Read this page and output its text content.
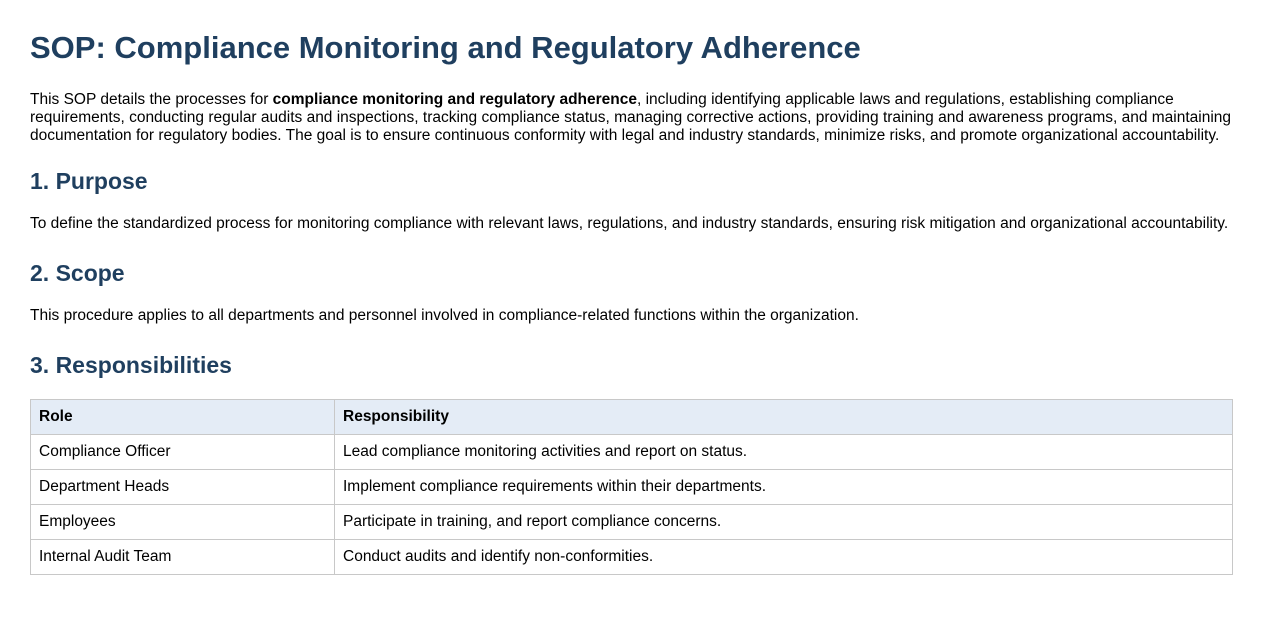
SOP: Compliance Monitoring and Regulatory Adherence

This SOP details the processes for compliance monitoring and regulatory adherence, including identifying applicable laws and regulations, establishing compliance requirements, conducting regular audits and inspections, tracking compliance status, managing corrective actions, providing training and awareness programs, and maintaining documentation for regulatory bodies. The goal is to ensure continuous conformity with legal and industry standards, minimize risks, and promote organizational accountability.

1. Purpose

To define the standardized process for monitoring compliance with relevant laws, regulations, and industry standards, ensuring risk mitigation and organizational accountability.

2. Scope

This procedure applies to all departments and personnel involved in compliance-related functions within the organization.

3. Responsibilities
Role	Responsibility
Compliance Officer	Lead compliance monitoring activities and report on status.
Department Heads	Implement compliance requirements within their departments.
Employees	Participate in training, and report compliance concerns.
Internal Audit Team	Conduct audits and identify non-conformities.
